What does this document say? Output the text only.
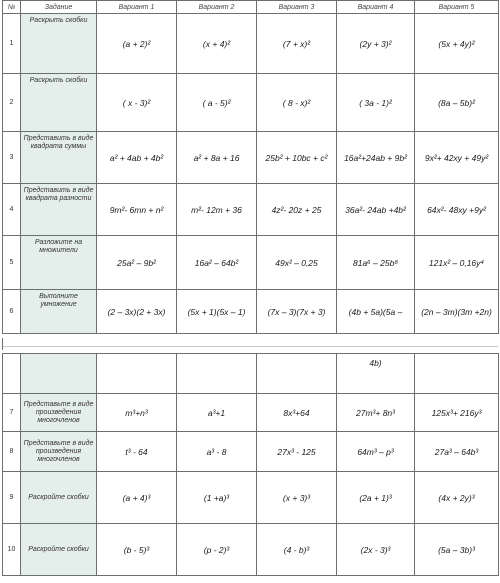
№	Задание	Вариант 1	Вариант 2	Вариант 3	Вариант 4	Вариант 5
1	Раскрыть скобки	(a + 2)²	(x + 4)²	(7 + x)²	(2y + 3)²	(5x + 4y)²
2	Раскрыть скобки	( x - 3)²	( a - 5)²	( 8 - x)²	( 3a - 1)²	(8a – 5b)²
3	Представить в виде квадрата суммы	a² + 4ab + 4b²	a² + 8a + 16	25b² + 10bc + c²	16a²+24ab + 9b²	9x²+ 42xy + 49y²
4	Представить в виде квадрата разности	9m²- 6mn + n²	m²- 12m + 36	4z²- 20z + 25	36a²- 24ab +4b²	64x²- 48xy +9y²
5	Разложите на множители	25a² – 9b²	16a² – 64b²	49x² – 0,25	81a⁶ – 25b⁸	121x² – 0,16y⁴
6	Выполните умножение	(2 – 3x)(2 + 3x)	(5x + 1)(5x – 1)	(7x – 3)(7x + 3)	(4b + 5a)(5a –	(2n – 3m)(3m +2n)
					4b)	
7	Представьте в виде произведения многочленов	m³+n³	a³+1	8x³+64	27m³+ 8n³	125x³+ 216y³
8	Представьте в виде произведения многочленов	t³ - 64	a³ - 8	27x³ - 125	64m³ – p³	27a³ – 64b³
9	Раскройте скобки	(a + 4)³	(1 +a)³	(x + 3)³	(2a + 1)³	(4x + 2y)³
10	Раскройте скобки	(b - 5)³	(p - 2)³	(4 - b)³	(2x - 3)³	(5a – 3b)³
